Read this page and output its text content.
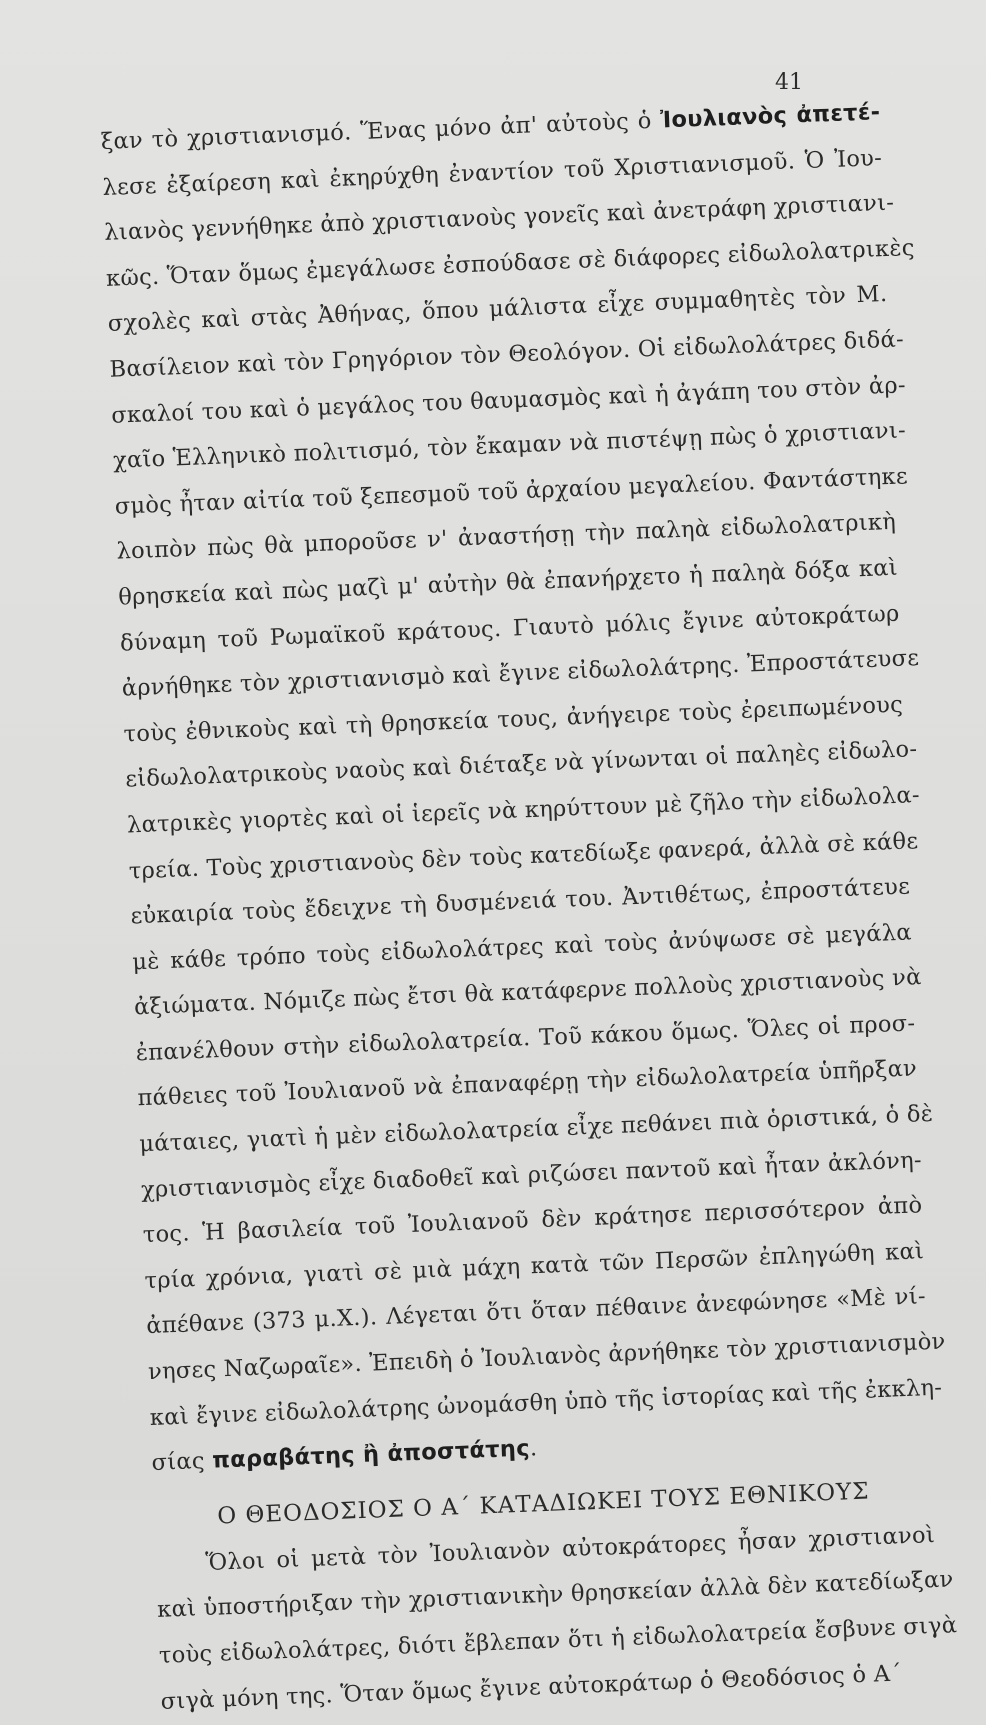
41
ξαν τὸ χριστιανισμό. Ἕνας μόνο ἀπ' αὐτοὺς ὁ Ἰουλιανὸς ἀπετέ-
λεσε ἐξαίρεση καὶ ἐκηρύχθη ἐναντίον τοῦ Χριστιανισμοῦ. Ὁ Ἰου-
λιανὸς γεννήθηκε ἀπὸ χριστιανοὺς γονεῖς καὶ ἀνετράφη χριστιανι-
κῶς. Ὅταν ὅμως ἐμεγάλωσε ἐσπούδασε σὲ διάφορες εἰδωλολατρικὲς
σχολὲς καὶ στὰς Ἀθήνας, ὅπου μάλιστα εἶχε συμμαθητὲς τὸν Μ.
Βασίλειον καὶ τὸν Γρηγόριον τὸν Θεολόγον. Οἱ εἰδωλολάτρες διδά-
σκαλοί του καὶ ὁ μεγάλος του θαυμασμὸς καὶ ἡ ἀγάπη του στὸν ἀρ-
χαῖο Ἑλληνικὸ πολιτισμό, τὸν ἔκαμαν νὰ πιστέψῃ πὼς ὁ χριστιανι-
σμὸς ἦταν αἰτία τοῦ ξεπεσμοῦ τοῦ ἀρχαίου μεγαλείου. Φαντάστηκε
λοιπὸν πὼς θὰ μποροῦσε ν' ἀναστήσῃ τὴν παληὰ εἰδωλολατρικὴ
θρησκεία καὶ πὼς μαζὶ μ' αὐτὴν θὰ ἐπανήρχετο ἡ παληὰ δόξα καὶ
δύναμη τοῦ Ρωμαϊκοῦ κράτους. Γιαυτὸ μόλις ἔγινε αὐτοκράτωρ
ἀρνήθηκε τὸν χριστιανισμὸ καὶ ἔγινε εἰδωλολάτρης. Ἐπροστάτευσε
τοὺς ἐθνικοὺς καὶ τὴ θρησκεία τους, ἀνήγειρε τοὺς ἐρειπωμένους
εἰδωλολατρικοὺς ναοὺς καὶ διέταξε νὰ γίνωνται οἱ παληὲς εἰδωλο-
λατρικὲς γιορτὲς καὶ οἱ ἱερεῖς νὰ κηρύττουν μὲ ζῆλο τὴν εἰδωλολα-
τρεία. Τοὺς χριστιανοὺς δὲν τοὺς κατεδίωξε φανερά, ἀλλὰ σὲ κάθε
εὐκαιρία τοὺς ἔδειχνε τὴ δυσμένειά του. Ἀντιθέτως, ἐπροστάτευε
μὲ κάθε τρόπο τοὺς εἰδωλολάτρες καὶ τοὺς ἀνύψωσε σὲ μεγάλα
ἀξιώματα. Νόμιζε πὼς ἔτσι θὰ κατάφερνε πολλοὺς χριστιανοὺς νὰ
ἐπανέλθουν στὴν εἰδωλολατρεία. Τοῦ κάκου ὅμως. Ὅλες οἱ προσ-
πάθειες τοῦ Ἰουλιανοῦ νὰ ἐπαναφέρῃ τὴν εἰδωλολατρεία ὑπῆρξαν
μάταιες, γιατὶ ἡ μὲν εἰδωλολατρεία εἶχε πεθάνει πιὰ ὁριστικά, ὁ δὲ
χριστιανισμὸς εἶχε διαδοθεῖ καὶ ριζώσει παντοῦ καὶ ἦταν ἀκλόνη-
τος. Ἡ βασιλεία τοῦ Ἰουλιανοῦ δὲν κράτησε περισσότερον ἀπὸ
τρία χρόνια, γιατὶ σὲ μιὰ μάχη κατὰ τῶν Περσῶν ἐπληγώθη καὶ
ἀπέθανε (373 μ.Χ.). Λέγεται ὅτι ὅταν πέθαινε ἀνεφώνησε «Μὲ νί-
νησες Ναζωραῖε». Ἐπειδὴ ὁ Ἰουλιανὸς ἀρνήθηκε τὸν χριστιανισμὸν
καὶ ἔγινε εἰδωλολάτρης ὠνομάσθη ὑπὸ τῆς ἱστορίας καὶ τῆς ἐκκλη-
σίας παραβάτης ἢ ἀποστάτης.
Ο ΘΕΟΔΟΣΙΟΣ Ο Α΄ ΚΑΤΑΔΙΩΚΕΙ ΤΟΥΣ ΕΘΝΙΚΟΥΣ
Ὅλοι οἱ μετὰ τὸν Ἰουλιανὸν αὐτοκράτορες ἦσαν χριστιανοὶ
καὶ ὑποστήριξαν τὴν χριστιανικὴν θρησκείαν ἀλλὰ δὲν κατεδίωξαν
τοὺς εἰδωλολάτρες, διότι ἔβλεπαν ὅτι ἡ εἰδωλολατρεία ἔσβυνε σιγὰ
σιγὰ μόνη της. Ὅταν ὅμως ἔγινε αὐτοκράτωρ ὁ Θεοδόσιος ὁ Α΄
